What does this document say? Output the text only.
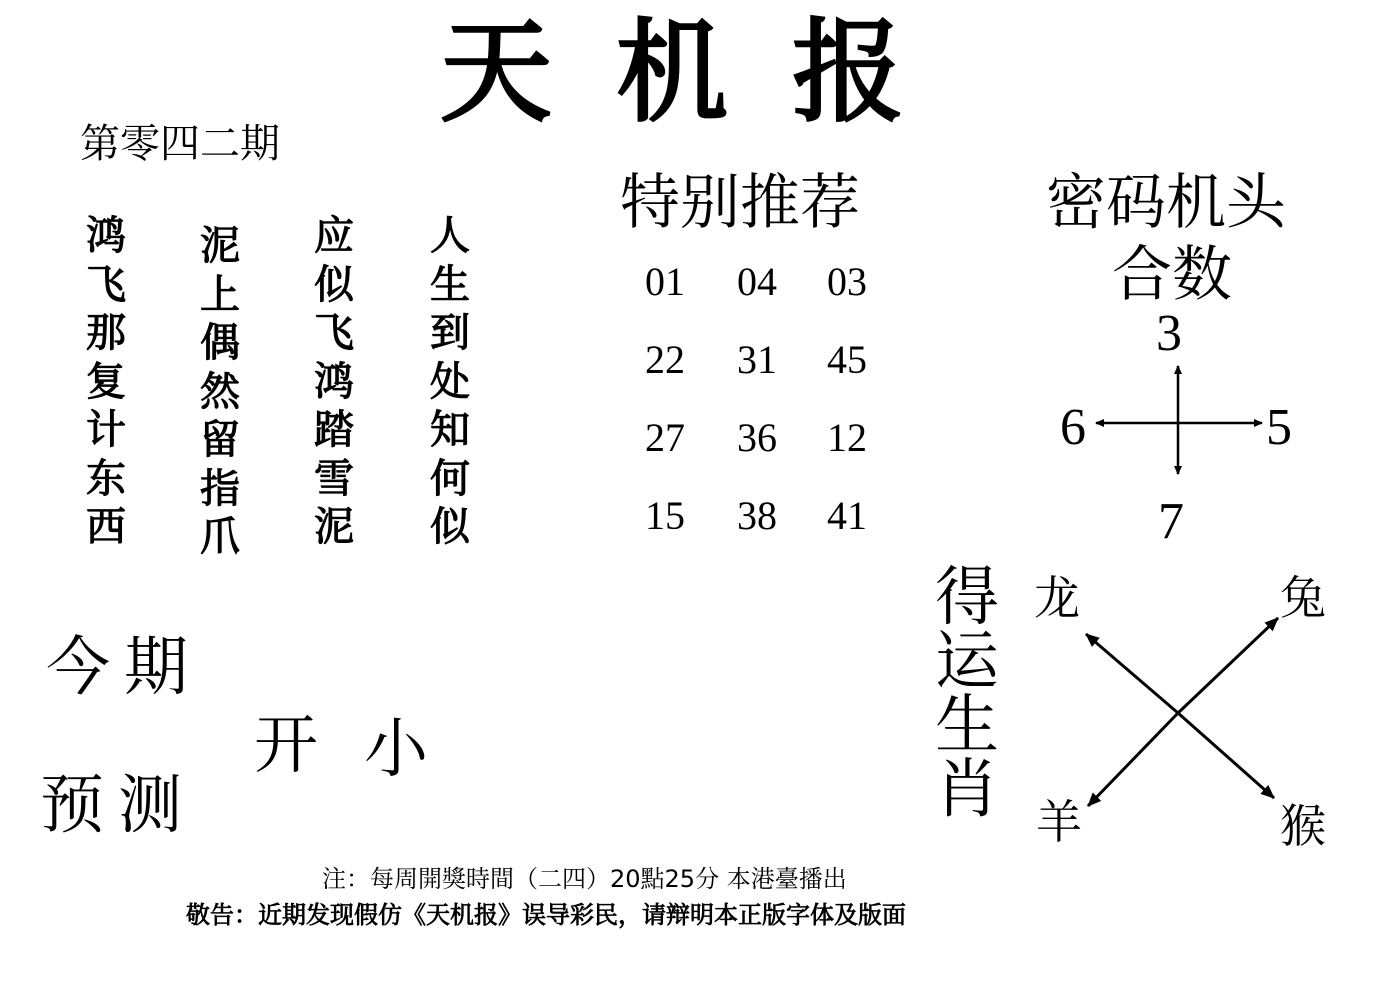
天机报
第零四二期
鸿飞那复计东西
泥上偶然留指爪
应似飞鸿踏雪泥
人生到处知何似
特别推荐
01	04	03
22	31	45
27	36	12
15	38	41
密码机头
合数
3
6	5
7
今期
预测
开 小
得运生肖
龙	兔
羊	猴
注：每周開獎時間（二四）20點25分 本港臺播出
敬告：近期发现假仿《天机报》误导彩民，请辩明本正版字体及版面
